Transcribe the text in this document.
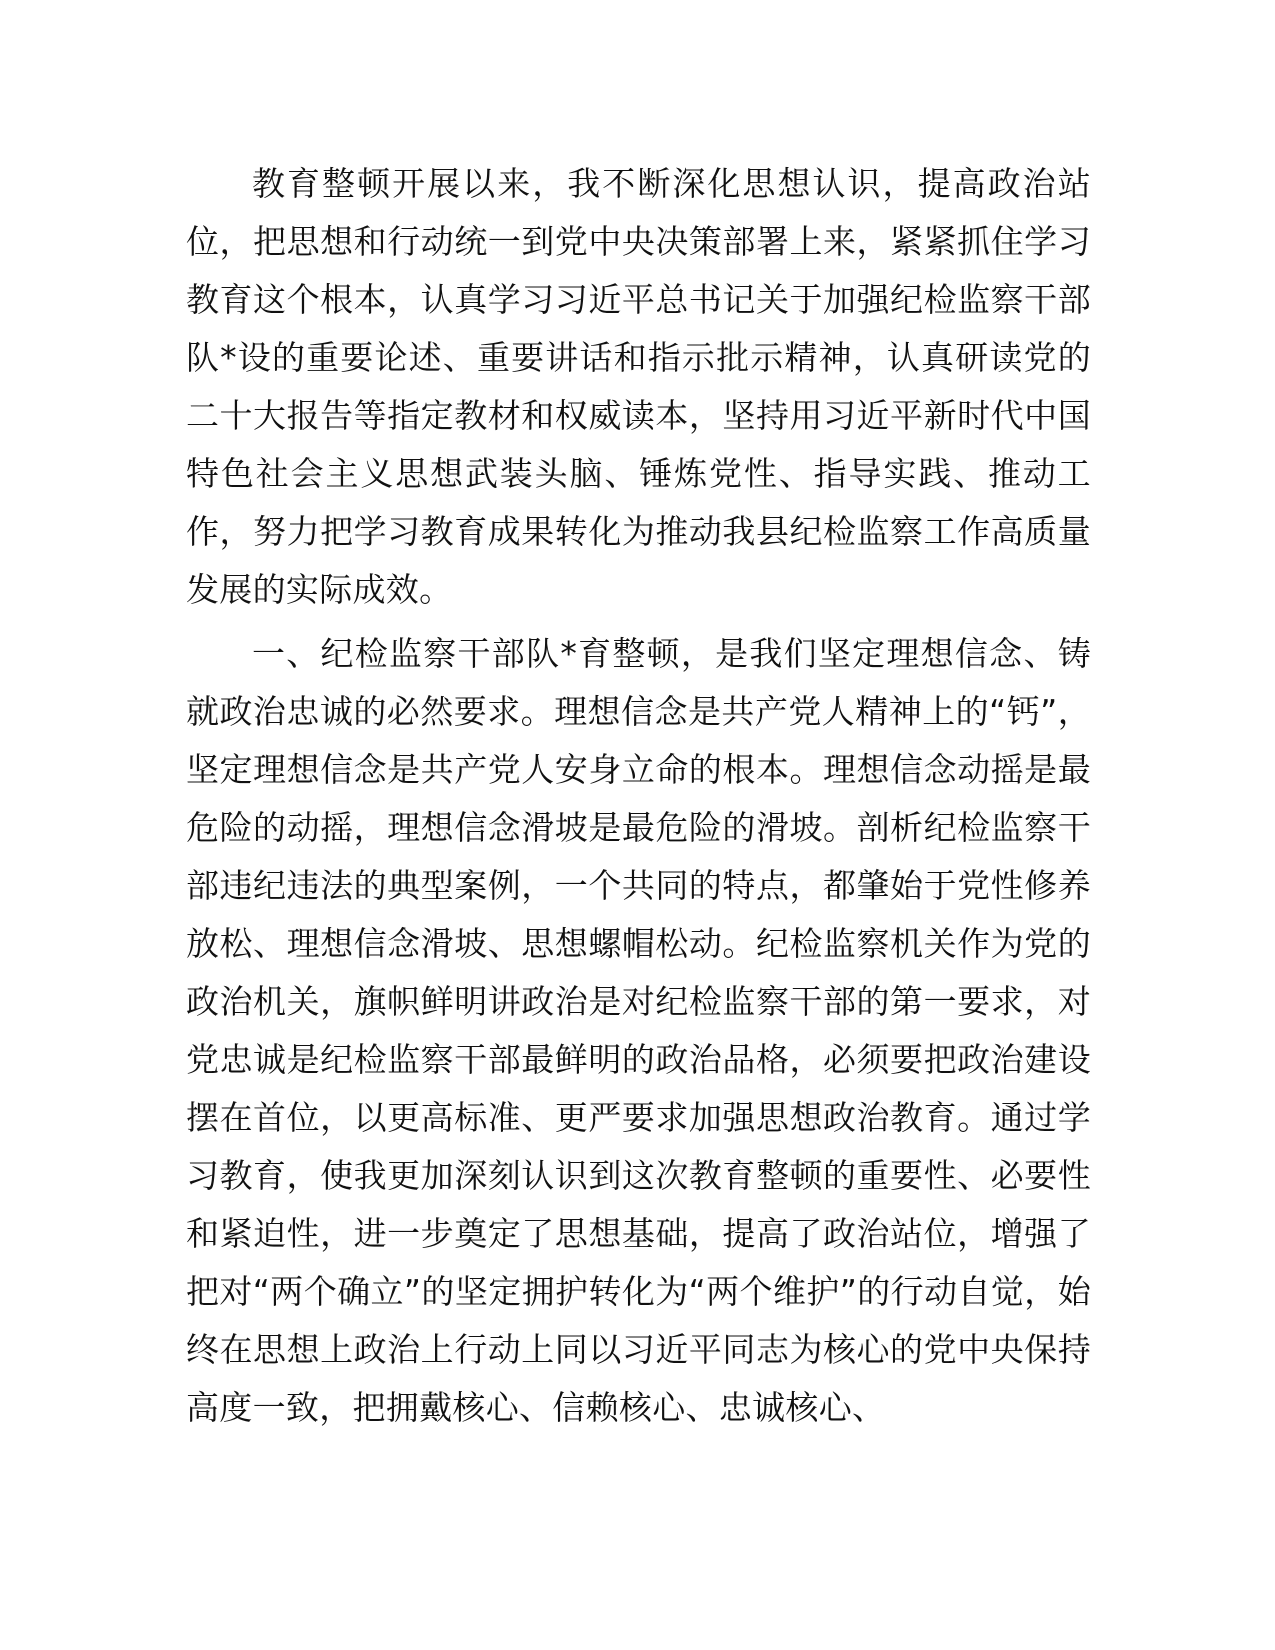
教育整顿开展以来，我不断深化思想认识，提高政治站位，把思想和行动统一到党中央决策部署上来，紧紧抓住学习教育这个根本，认真学习习近平总书记关于加强纪检监察干部队*设的重要论述、重要讲话和指示批示精神，认真研读党的二十大报告等指定教材和权威读本，坚持用习近平新时代中国特色社会主义思想武装头脑、锤炼党性、指导实践、推动工作，努力把学习教育成果转化为推动我县纪检监察工作高质量发展的实际成效。

一、纪检监察干部队*育整顿，是我们坚定理想信念、铸就政治忠诚的必然要求。理想信念是共产党人精神上的“钙”，坚定理想信念是共产党人安身立命的根本。理想信念动摇是最危险的动摇，理想信念滑坡是最危险的滑坡。剖析纪检监察干部违纪违法的典型案例，一个共同的特点，都肇始于党性修养放松、理想信念滑坡、思想螺帽松动。纪检监察机关作为党的政治机关，旗帜鲜明讲政治是对纪检监察干部的第一要求，对党忠诚是纪检监察干部最鲜明的政治品格，必须要把政治建设摆在首位，以更高标准、更严要求加强思想政治教育。通过学习教育，使我更加深刻认识到这次教育整顿的重要性、必要性和紧迫性，进一步奠定了思想基础，提高了政治站位，增强了把对“两个确立”的坚定拥护转化为“两个维护”的行动自觉，始终在思想上政治上行动上同以习近平同志为核心的党中央保持高度一致，把拥戴核心、信赖核心、忠诚核心、
